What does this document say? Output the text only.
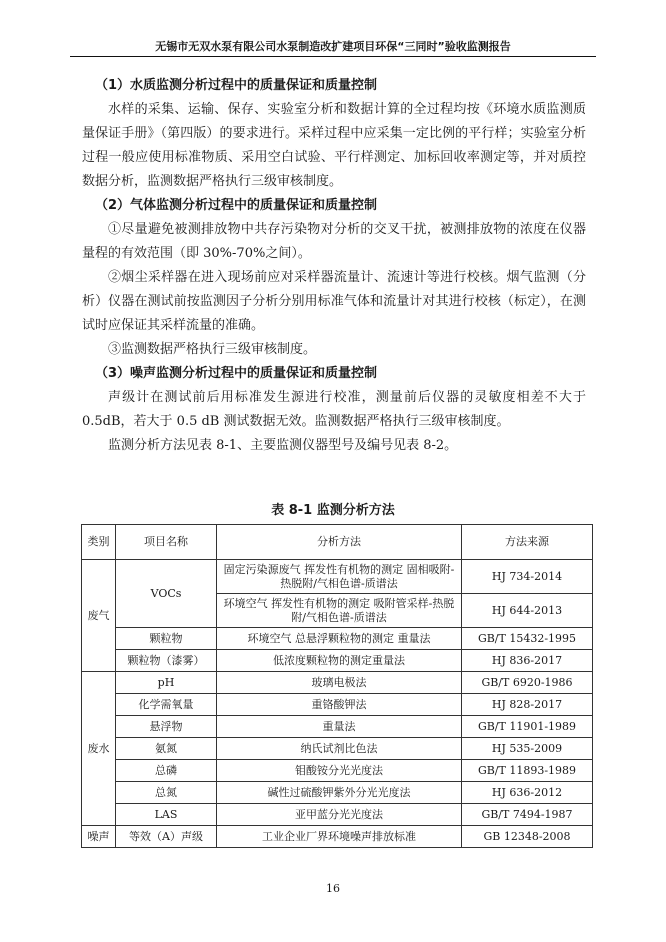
无锡市无双水泵有限公司水泵制造改扩建项目环保“三同时”验收监测报告

（1）水质监测分析过程中的质量保证和质量控制

水样的采集、运输、保存、实验室分析和数据计算的全过程均按《环境水质监测质量保证手册》（第四版）的要求进行。采样过程中应采集一定比例的平行样；实验室分析过程一般应使用标准物质、采用空白试验、平行样测定、加标回收率测定等，并对质控数据分析，监测数据严格执行三级审核制度。

（2）气体监测分析过程中的质量保证和质量控制

①尽量避免被测排放物中共存污染物对分析的交叉干扰，被测排放物的浓度在仪器量程的有效范围（即 30%-70%之间）。

②烟尘采样器在进入现场前应对采样器流量计、流速计等进行校核。烟气监测（分析）仪器在测试前按监测因子分析分别用标准气体和流量计对其进行校核（标定），在测试时应保证其采样流量的准确。

③监测数据严格执行三级审核制度。

（3）噪声监测分析过程中的质量保证和质量控制

声级计在测试前后用标准发生源进行校准，测量前后仪器的灵敏度相差不大于 0.5dB，若大于 0.5 dB 测试数据无效。监测数据严格执行三级审核制度。

监测分析方法见表 8-1、主要监测仪器型号及编号见表 8-2。

表 8-1 监测分析方法
类别	项目名称	分析方法	方法来源
废气	VOCs	固定污染源废气 挥发性有机物的测定 固相吸附-热脱附/气相色谱-质谱法	HJ 734-2014
		环境空气 挥发性有机物的测定 吸附管采样-热脱附/气相色谱-质谱法	HJ 644-2013
	颗粒物	环境空气 总悬浮颗粒物的测定 重量法	GB/T 15432-1995
	颗粒物（漆雾）	低浓度颗粒物的测定重量法	HJ 836-2017
废水	pH	玻璃电极法	GB/T 6920-1986
	化学需氧量	重铬酸钾法	HJ 828-2017
	悬浮物	重量法	GB/T 11901-1989
	氨氮	纳氏试剂比色法	HJ 535-2009
	总磷	钼酸铵分光光度法	GB/T 11893-1989
	总氮	碱性过硫酸钾紫外分光光度法	HJ 636-2012
	LAS	亚甲蓝分光光度法	GB/T 7494-1987
噪声	等效（A）声级	工业企业厂界环境噪声排放标准	GB 12348-2008
16
